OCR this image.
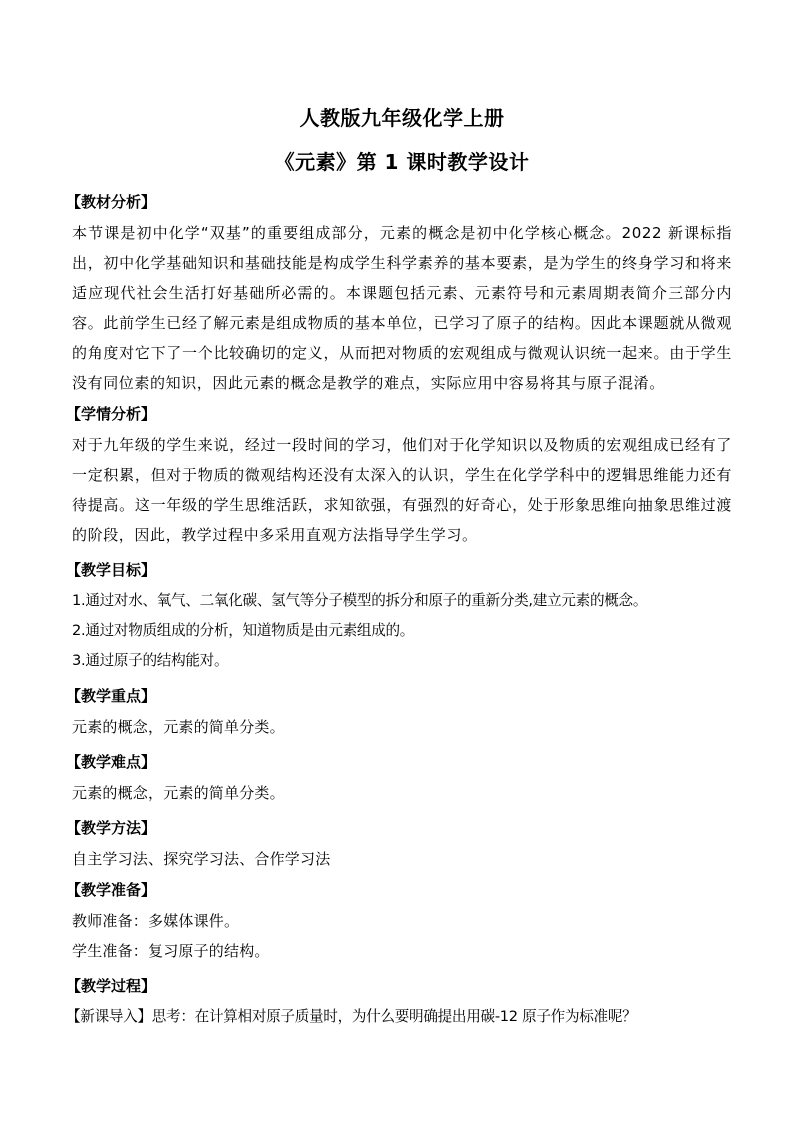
人教版九年级化学上册
《元素》第 1 课时教学设计
【教材分析】

本节课是初中化学“双基”的重要组成部分，元素的概念是初中化学核心概念。2022 新课标指出，初中化学基础知识和基础技能是构成学生科学素养的基本要素，是为学生的终身学习和将来适应现代社会生活打好基础所必需的。本课题包括元素、元素符号和元素周期表简介三部分内容。此前学生已经了解元素是组成物质的基本单位，已学习了原子的结构。因此本课题就从微观的角度对它下了一个比较确切的定义，从而把对物质的宏观组成与微观认识统一起来。由于学生没有同位素的知识，因此元素的概念是教学的难点，实际应用中容易将其与原子混淆。

【学情分析】

对于九年级的学生来说，经过一段时间的学习，他们对于化学知识以及物质的宏观组成已经有了一定积累，但对于物质的微观结构还没有太深入的认识，学生在化学学科中的逻辑思维能力还有待提高。这一年级的学生思维活跃，求知欲强，有强烈的好奇心，处于形象思维向抽象思维过渡的阶段，因此，教学过程中多采用直观方法指导学生学习。

【教学目标】
1.通过对水、氧气、二氧化碳、氢气等分子模型的拆分和原子的重新分类,建立元素的概念。
2.通过对物质组成的分析，知道物质是由元素组成的。
3.通过原子的结构能对。
【教学重点】
元素的概念，元素的简单分类。
【教学难点】
元素的概念，元素的简单分类。
【教学方法】
自主学习法、探究学习法、合作学习法
【教学准备】
教师准备：多媒体课件。
学生准备：复习原子的结构。
【教学过程】
【新课导入】思考：在计算相对原子质量时，为什么要明确提出用碳-12 原子作为标准呢？
